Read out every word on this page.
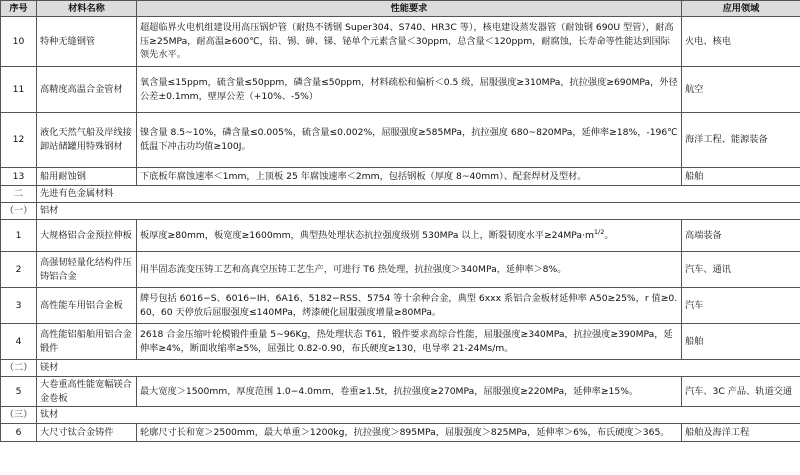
序号	材料名称	性能要求	应用领域
10	特种无缝钢管	超超临界火电机组建设用高压锅炉管（耐热不锈钢 Super304、S740、HR3C 等），核电建设蒸发器管（耐蚀钢 690U 型管），耐高压≥25MPa，耐高温≥600℃，铅、锡、砷、锑、铋单个元素含量＜30ppm，总含量＜120ppm，耐腐蚀，长寿命等性能达到国际领先水平。	火电、核电
11	高精度高温合金管材	氧含量≤15ppm，硫含量≤50ppm，磷含量≤50ppm，材料疏松和偏析＜0.5 级，屈服强度≥310MPa，抗拉强度≥690MPa，外径公差±0.1mm，壁厚公差（+10%、-5%）	航空
12	液化天然气船及岸线接卸站储罐用特殊钢材	镍含量 8.5~10%，磷含量≤0.005%，硫含量≤0.002%，屈服强度≥585MPa，抗拉强度 680~820MPa，延伸率≥18%，-196℃低温下冲击功均值≥100J。	海洋工程、能源装备
13	船用耐蚀钢	下底板年腐蚀速率＜1mm，上顶板 25 年腐蚀速率＜2mm，包括钢板（厚度 8~40mm）、配套焊材及型材。	船舶
二	先进有色金属材料		
（一）	铝材		
1	大规格铝合金预拉伸板	板厚度≥80mm，板宽度≥1600mm，典型热处理状态抗拉强度级别 530MPa 以上，断裂韧度水平$\ge 24MPa\cdot m^{1/2}$。	高端装备
2	高强韧轻量化结构件压铸铝合金	用半固态流变压铸工艺和高真空压铸工艺生产，可进行 T6 热处理，抗拉强度＞340MPa，延伸率＞8%。	汽车、通讯
3	高性能车用铝合金板	牌号包括 6016−S、6016−IH、6A16、5182−RSS、5754 等十余种合金，典型 6xxx 系铝合金板材延伸率 A50≥25%，r 值≥0.60，60 天停放后屈服强度≤140MPa，烤漆硬化屈服强度增量≥80MPa。	汽车
4	高性能铝船舶用铝合金锻件	2618 合金压缩叶轮模锻件重量 5~96Kg，热处理状态 T61，锻件要求高综合性能，屈服强度≥340MPa，抗拉强度≥390MPa，延伸率≥4%，断面收缩率≥5%，屈强比 0.82-0.90，布氏硬度≥130，电导率 21-24Ms/m。	船舶
（二）	镁材		
5	大卷重高性能宽幅镁合金卷板	最大宽度＞1500mm，厚度范围 1.0−4.0mm，卷重≥1.5t，抗拉强度≥270MPa，屈服强度≥220MPa，延伸率≥15%。	汽车、3C 产品、轨道交通
（三）	钛材		
6	大尺寸钛合金铸件	轮廓尺寸长和宽＞2500mm，最大单重＞1200kg，抗拉强度＞895MPa，屈服强度＞825MPa，延伸率＞6%，布氏硬度＞365。	船舶及海洋工程
